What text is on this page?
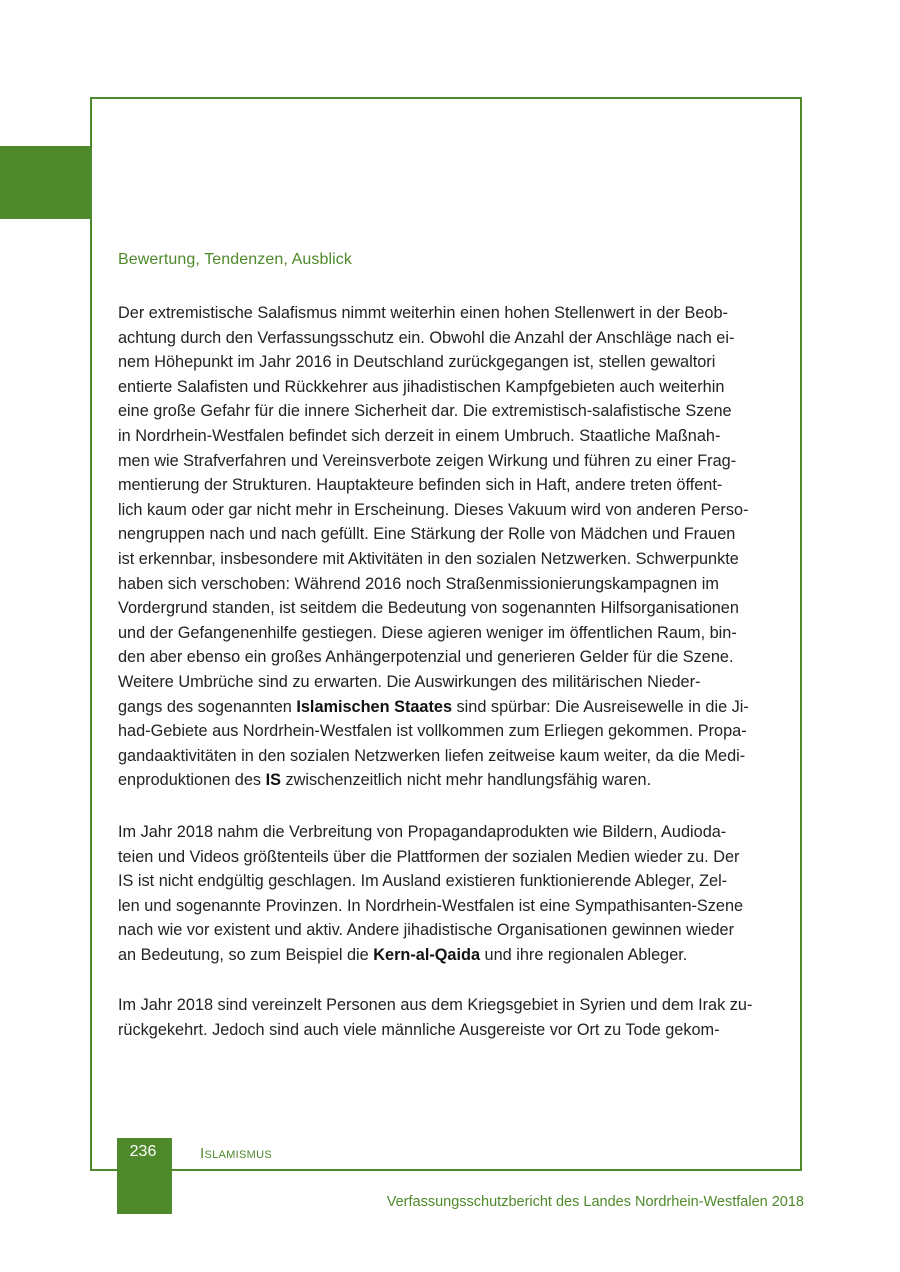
Bewertung, Tendenzen, Ausblick
Der extremistische Salafismus nimmt weiterhin einen hohen Stellenwert in der Beob-
achtung durch den Verfassungsschutz ein. Obwohl die Anzahl der Anschläge nach ei-
nem Höhepunkt im Jahr 2016 in Deutschland zurückgegangen ist, stellen gewaltori
entierte Salafisten und Rückkehrer aus jihadistischen Kampfgebieten auch weiterhin
eine große Gefahr für die innere Sicherheit dar. Die extremistisch-salafistische Szene
in Nordrhein-Westfalen befindet sich derzeit in einem Umbruch. Staatliche Maßnah-
men wie Strafverfahren und Vereinsverbote zeigen Wirkung und führen zu einer Frag-
mentierung der Strukturen. Hauptakteure befinden sich in Haft, andere treten öffent-
lich kaum oder gar nicht mehr in Erscheinung. Dieses Vakuum wird von anderen Perso-
nengruppen nach und nach gefüllt. Eine Stärkung der Rolle von Mädchen und Frauen
ist erkennbar, insbesondere mit Aktivitäten in den sozialen Netzwerken. Schwerpunkte
haben sich verschoben: Während 2016 noch Straßenmissionierungskampagnen im
Vordergrund standen, ist seitdem die Bedeutung von sogenannten Hilfsorganisationen
und der Gefangenenhilfe gestiegen. Diese agieren weniger im öffentlichen Raum, bin-
den aber ebenso ein großes Anhängerpotenzial und generieren Gelder für die Szene.
Weitere Umbrüche sind zu erwarten. Die Auswirkungen des militärischen Nieder-
gangs des sogenannten Islamischen Staates sind spürbar: Die Ausreisewelle in die Ji-
had-Gebiete aus Nordrhein-Westfalen ist vollkommen zum Erliegen gekommen. Propa-
gandaaktivitäten in den sozialen Netzwerken liefen zeitweise kaum weiter, da die Medi-
enproduktionen des IS zwischenzeitlich nicht mehr handlungsfähig waren.
Im Jahr 2018 nahm die Verbreitung von Propagandaprodukten wie Bildern, Audioda-
teien und Videos größtenteils über die Plattformen der sozialen Medien wieder zu. Der
IS ist nicht endgültig geschlagen. Im Ausland existieren funktionierende Ableger, Zel-
len und sogenannte Provinzen. In Nordrhein-Westfalen ist eine Sympathisanten-Szene
nach wie vor existent und aktiv. Andere jihadistische Organisationen gewinnen wieder
an Bedeutung, so zum Beispiel die Kern-al-Qaida und ihre regionalen Ableger.
Im Jahr 2018 sind vereinzelt Personen aus dem Kriegsgebiet in Syrien und dem Irak zu-
rückgekehrt. Jedoch sind auch viele männliche Ausgereiste vor Ort zu Tode gekom-
236	Islamismus
Verfassungsschutzbericht des Landes Nordrhein-Westfalen 2018
